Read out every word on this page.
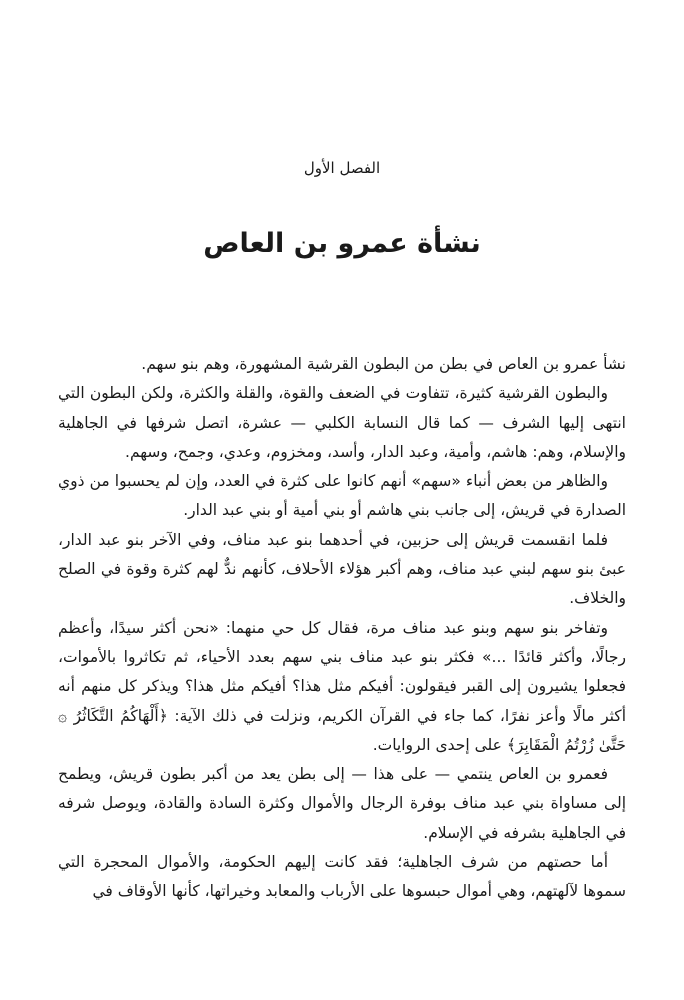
الفصل الأول
نشأة عمرو بن العاص

نشأ عمرو بن العاص في بطن من البطون القرشية المشهورة، وهم بنو سهم.

والبطون القرشية كثيرة، تتفاوت في الضعف والقوة، والقلة والكثرة، ولكن البطون التي انتهى إليها الشرف — كما قال النسابة الكلبي — عشرة، اتصل شرفها في الجاهلية والإسلام، وهم: هاشم، وأمية، وعبد الدار، وأسد، ومخزوم، وعدي، وجمح، وسهم.

والظاهر من بعض أنباء «سهم» أنهم كانوا على كثرة في العدد، وإن لم يحسبوا من ذوي الصدارة في قريش، إلى جانب بني هاشم أو بني أمية أو بني عبد الدار.

فلما انقسمت قريش إلى حزبين، في أحدهما بنو عبد مناف، وفي الآخر بنو عبد الدار، عبئ بنو سهم لبني عبد مناف، وهم أكبر هؤلاء الأحلاف، كأنهم ندٌّ لهم كثرة وقوة في الصلح والخلاف.

وتفاخر بنو سهم وبنو عبد مناف مرة، فقال كل حي منهما: «نحن أكثر سيدًا، وأعظم رجالًا، وأكثر قائدًا ...» فكثر بنو عبد مناف بني سهم بعدد الأحياء، ثم تكاثروا بالأموات، فجعلوا يشيرون إلى القبر فيقولون: أفيكم مثل هذا؟ أفيكم مثل هذا؟ ويذكر كل منهم أنه أكثر مالًا وأعز نفرًا، كما جاء في القرآن الكريم، ونزلت في ذلك الآية: ﴿أَلْهَاكُمُ التَّكَاثُرُ ۞ حَتَّىٰ زُرْتُمُ الْمَقَابِرَ﴾ على إحدى الروايات.

فعمرو بن العاص ينتمي — على هذا — إلى بطن يعد من أكبر بطون قريش، ويطمح إلى مساواة بني عبد مناف بوفرة الرجال والأموال وكثرة السادة والقادة، ويوصل شرفه في الجاهلية بشرفه في الإسلام.

أما حصتهم من شرف الجاهلية؛ فقد كانت إليهم الحكومة، والأموال المحجرة التي سموها لآلهتهم، وهي أموال حبسوها على الأرباب والمعابد وخيراتها، كأنها الأوقاف في
